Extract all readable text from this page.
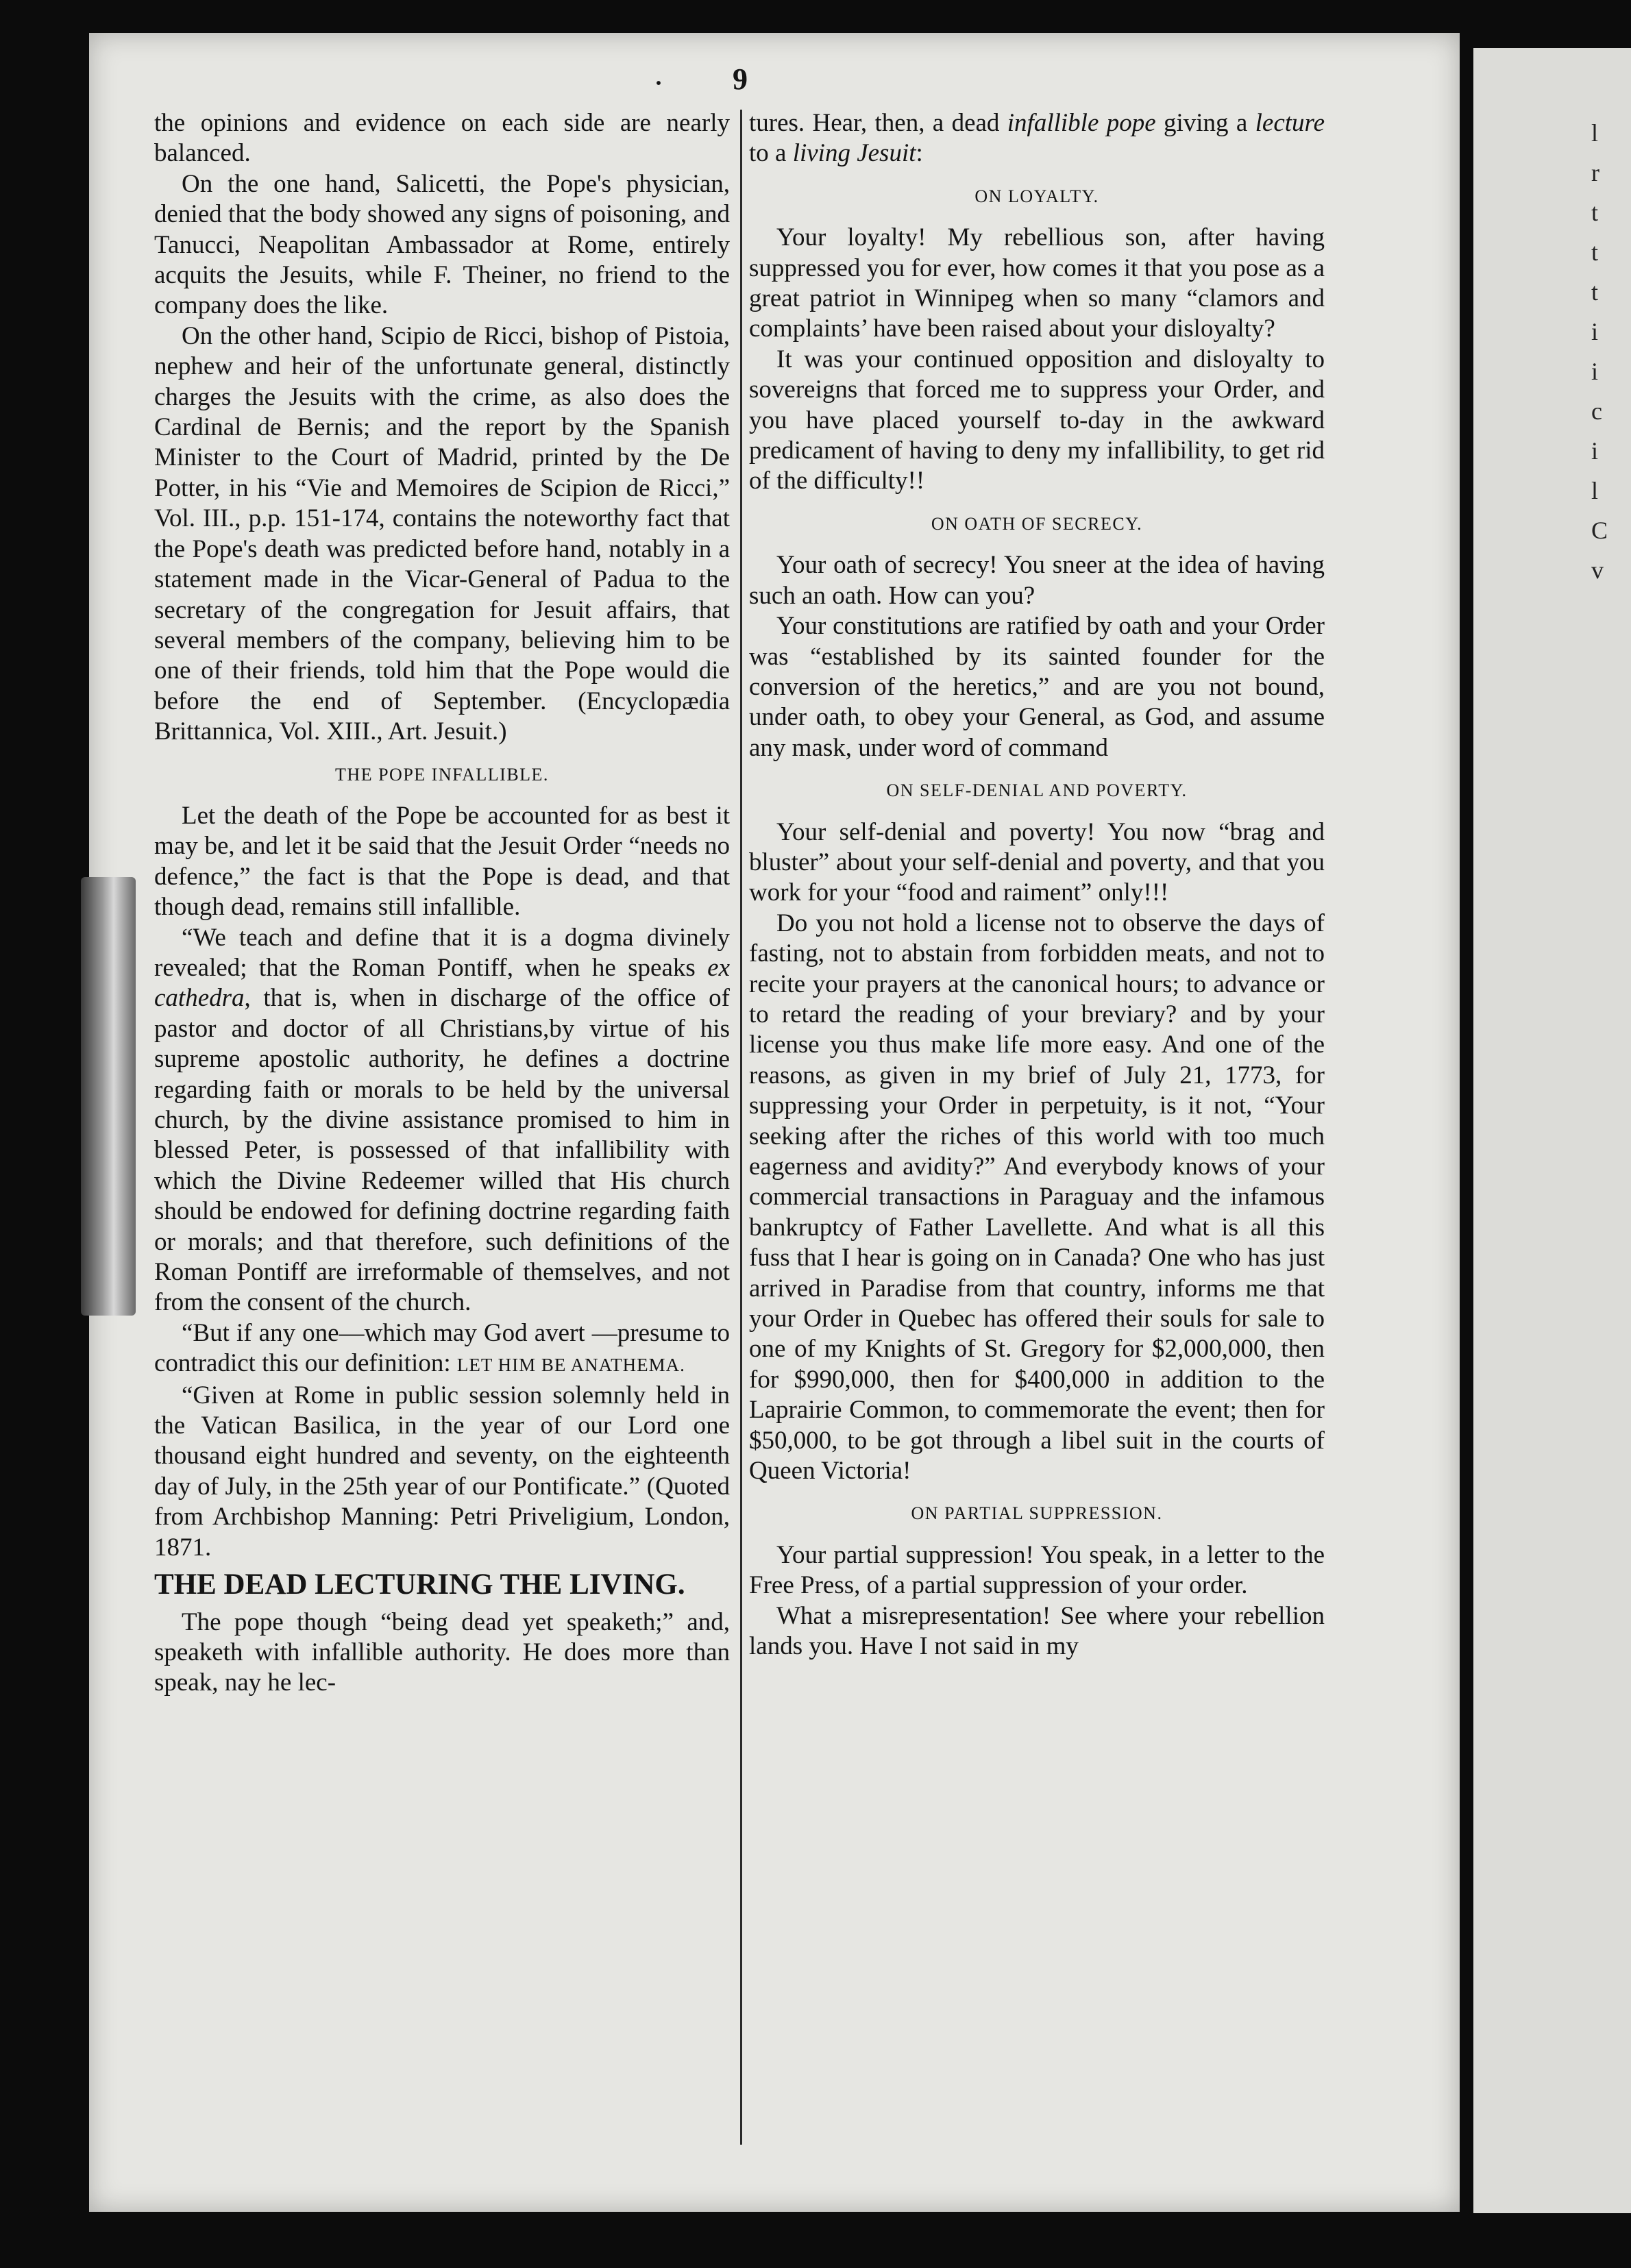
· 9

the opinions and evidence on each side are nearly balanced.

On the one hand, Salicetti, the Pope's physician, denied that the body showed any signs of poisoning, and Tanucci, Neapolitan Ambassador at Rome, entirely acquits the Jesuits, while F. Theiner, no friend to the company does the like.

On the other hand, Scipio de Ricci, bishop of Pistoia, nephew and heir of the unfortunate general, distinctly charges the Jesuits with the crime, as also does the Cardinal de Bernis; and the report by the Spanish Minister to the Court of Madrid, printed by the De Potter, in his “Vie and Memoires de Scipion de Ricci,” Vol. III., p.p. 151-174, contains the noteworthy fact that the Pope's death was predicted before hand, notably in a statement made in the Vicar-General of Padua to the secretary of the congregation for Jesuit affairs, that several members of the company, believing him to be one of their friends, told him that the Pope would die before the end of September. (Encyclopædia Brittannica, Vol. XIII., Art. Jesuit.)

THE POPE INFALLIBLE.

Let the death of the Pope be accounted for as best it may be, and let it be said that the Jesuit Order “needs no defence,” the fact is that the Pope is dead, and that though dead, remains still infallible.

“We teach and define that it is a dogma divinely revealed; that the Roman Pontiff, when he speaks ex cathedra, that is, when in discharge of the office of pastor and doctor of all Christians,by virtue of his supreme apostolic authority, he defines a doctrine regarding faith or morals to be held by the universal church, by the divine assistance promised to him in blessed Peter, is possessed of that infallibility with which the Divine Redeemer willed that His church should be endowed for defining doctrine regarding faith or morals; and that therefore, such definitions of the Roman Pontiff are irreformable of themselves, and not from the consent of the church.

“But if any one—which may God avert —presume to contradict this our definition: LET HIM BE ANATHEMA.

“Given at Rome in public session solemnly held in the Vatican Basilica, in the year of our Lord one thousand eight hundred and seventy, on the eighteenth day of July, in the 25th year of our Pontificate.” (Quoted from Archbishop Manning: Petri Priveligium, London, 1871.

THE DEAD LECTURING THE LIVING.

The pope though “being dead yet speaketh;” and, speaketh with infallible authority. He does more than speak, nay he lec-

tures. Hear, then, a dead infallible pope giving a lecture to a living Jesuit:

ON LOYALTY.

Your loyalty! My rebellious son, after having suppressed you for ever, how comes it that you pose as a great patriot in Winnipeg when so many “clamors and complaints’ have been raised about your disloyalty?

It was your continued opposition and disloyalty to sovereigns that forced me to suppress your Order, and you have placed yourself to-day in the awkward predicament of having to deny my infallibility, to get rid of the difficulty!!

ON OATH OF SECRECY.

Your oath of secrecy! You sneer at the idea of having such an oath. How can you?

Your constitutions are ratified by oath and your Order was “established by its sainted founder for the conversion of the heretics,” and are you not bound, under oath, to obey your General, as God, and assume any mask, under word of command

ON SELF-DENIAL AND POVERTY.

Your self-denial and poverty! You now “brag and bluster” about your self-denial and poverty, and that you work for your “food and raiment” only!!!

Do you not hold a license not to observe the days of fasting, not to abstain from forbidden meats, and not to recite your prayers at the canonical hours; to advance or to retard the reading of your breviary? and by your license you thus make life more easy. And one of the reasons, as given in my brief of July 21, 1773, for suppressing your Order in perpetuity, is it not, “Your seeking after the riches of this world with too much eagerness and avidity?” And everybody knows of your commercial transactions in Paraguay and the infamous bankruptcy of Father Lavellette. And what is all this fuss that I hear is going on in Canada? One who has just arrived in Paradise from that country, informs me that your Order in Quebec has offered their souls for sale to one of my Knights of St. Gregory for $2,000,000, then for $990,000, then for $400,000 in addition to the Laprairie Common, to commemorate the event; then for $50,000, to be got through a libel suit in the courts of Queen Victoria!

ON PARTIAL SUPPRESSION.

Your partial suppression! You speak, in a letter to the Free Press, of a partial suppression of your order.

What a misrepresentation! See where your rebellion lands you. Have I not said in my

l
r
t
t
t
i
i
c
i
l
C
v
